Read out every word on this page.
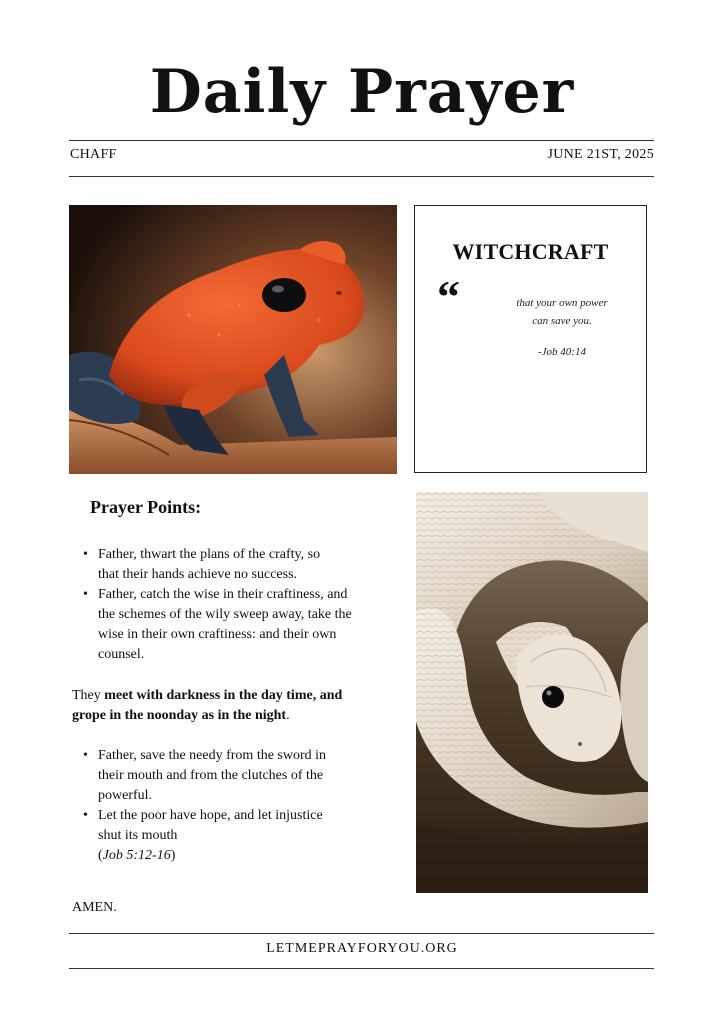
Daily Prayer
CHAFF	JUNE 21ST, 2025
WITCHCRAFT
“	that your own power
can save you.
-Job 40:14
Prayer Points:
• Father, thwart the plans of the crafty, so
that their hands achieve no success.
• Father, catch the wise in their craftiness, and
the schemes of the wily sweep away, take the
wise in their own craftiness: and their own
counsel.
They meet with darkness in the day time, and
grope in the noonday as in the night.
• Father, save the needy from the sword in
their mouth and from the clutches of the
powerful.
• Let the poor have hope, and let injustice
shut its mouth
(Job 5:12-16)
AMEN.
LETMEPRAYFORYOU.ORG
